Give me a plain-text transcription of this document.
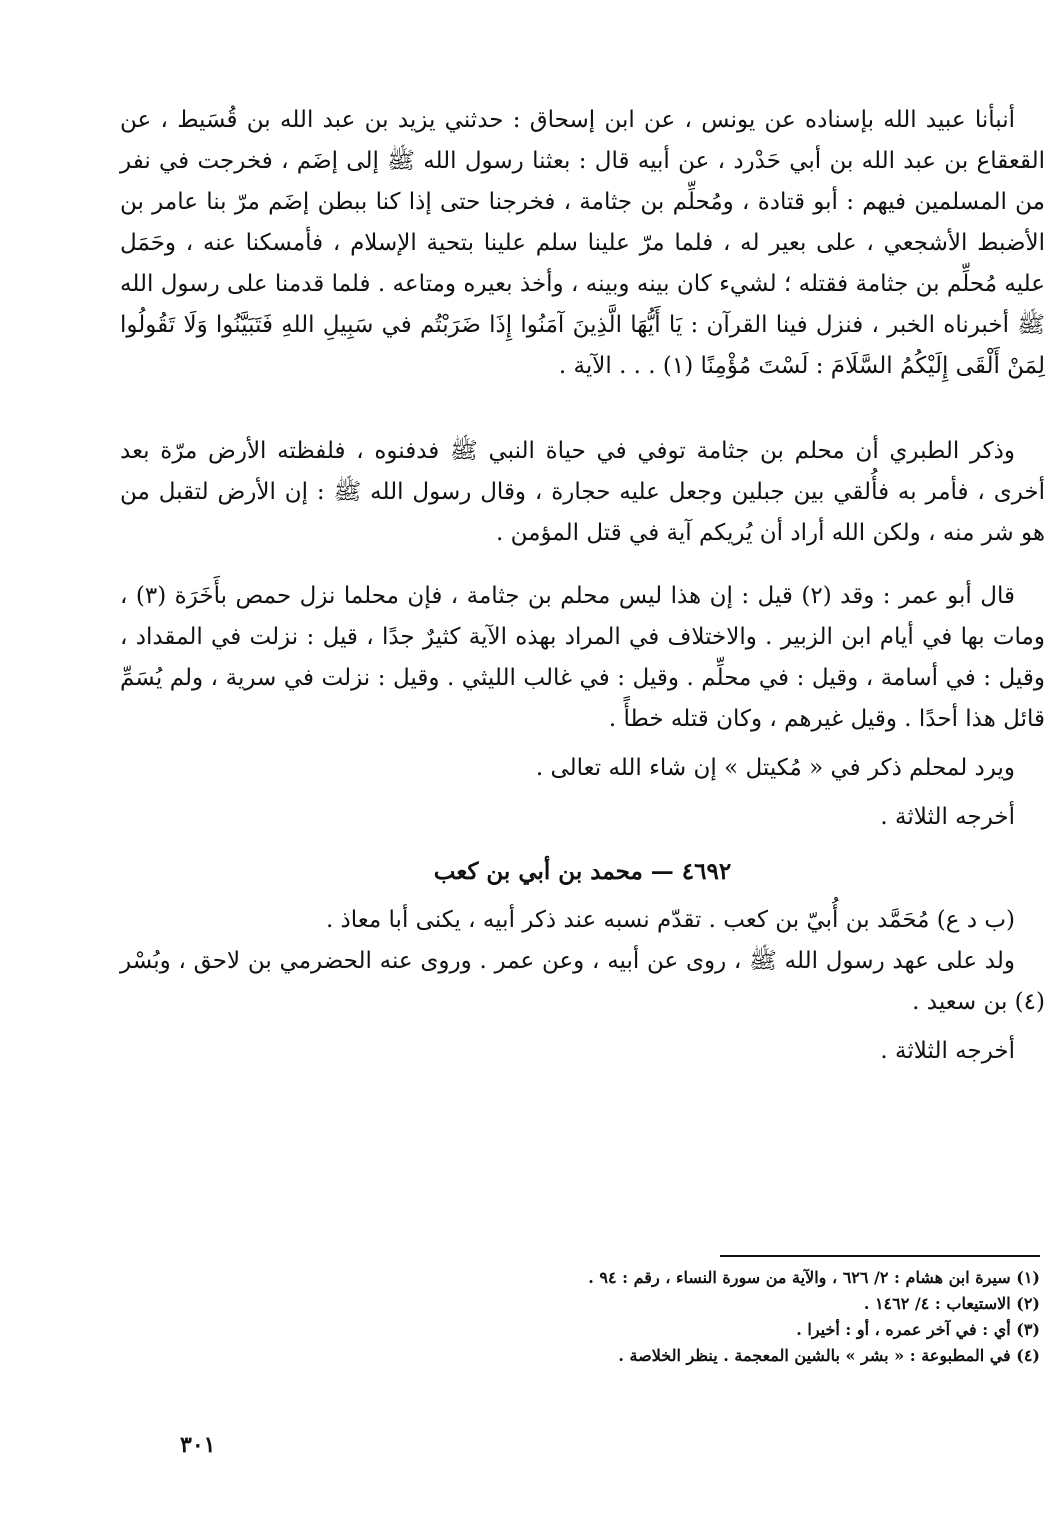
أنبأنا عبيد الله بإسناده عن يونس ، عن ابن إسحاق : حدثني يزيد بن عبد الله بن قُسَيط ، عن القعقاع بن عبد الله بن أبي حَدْرد ، عن أبيه قال : بعثنا رسول الله ﷺ إلى إضَم ، فخرجت في نفر من المسلمين فيهم : أبو قتادة ، ومُحلِّم بن جثامة ، فخرجنا حتى إذا كنا ببطن إضَم مرّ بنا عامر بن الأضبط الأشجعي ، على بعير له ، فلما مرّ علينا سلم علينا بتحية الإسلام ، فأمسكنا عنه ، وحَمَل عليه مُحلِّم بن جثامة فقتله ؛ لشيء كان بينه وبينه ، وأخذ بعيره ومتاعه . فلما قدمنا على رسول الله ﷺ أخبرناه الخبر ، فنزل فينا القرآن : يَا أَيُّهَا الَّذِينَ آمَنُوا إِذَا ضَرَبْتُم في سَبِيلِ اللهِ فَتَبَيَّنُوا وَلَا تَقُولُوا لِمَنْ أَلْقَى إِلَيْكُمُ السَّلَامَ : لَسْتَ مُؤْمِنًا (١) . . . الآية .

وذكر الطبري أن محلم بن جثامة توفي في حياة النبي ﷺ فدفنوه ، فلفظته الأرض مرّة بعد أخرى ، فأمر به فأُلقي بين جبلين وجعل عليه حجارة ، وقال رسول الله ﷺ : إن الأرض لتقبل من هو شر منه ، ولكن الله أراد أن يُريكم آية في قتل المؤمن .

قال أبو عمر : وقد (٢) قيل : إن هذا ليس محلم بن جثامة ، فإن محلما نزل حمص بأَخَرَة (٣) ، ومات بها في أيام ابن الزبير . والاختلاف في المراد بهذه الآية كثيرٌ جدًا ، قيل : نزلت في المقداد ، وقيل : في أسامة ، وقيل : في محلِّم . وقيل : في غالب الليثي . وقيل : نزلت في سرية ، ولم يُسَمِّ قائل هذا أحدًا . وقيل غيرهم ، وكان قتله خطأً .

ويرد لمحلم ذكر في « مُكيتل » إن شاء الله تعالى .

أخرجه الثلاثة .

٤٦٩٢ — محمد بن أبي بن كعب

(ب د ع) مُحَمَّد بن أُبيّ بن كعب . تقدّم نسبه عند ذكر أبيه ، يكنى أبا معاذ .

ولد على عهد رسول الله ﷺ ، روى عن أبيه ، وعن عمر . وروى عنه الحضرمي بن لاحق ، وبُسْر (٤) بن سعيد .

أخرجه الثلاثة .

(١) سيرة ابن هشام : ٢/ ٦٢٦ ، والآية من سورة النساء ، رقم : ٩٤ .

(٢) الاستيعاب : ٤/ ١٤٦٢ .

(٣) أي : في آخر عمره ، أو : أخيرا .

(٤) في المطبوعة : « بشر » بالشين المعجمة . ينظر الخلاصة .

٣٠١
